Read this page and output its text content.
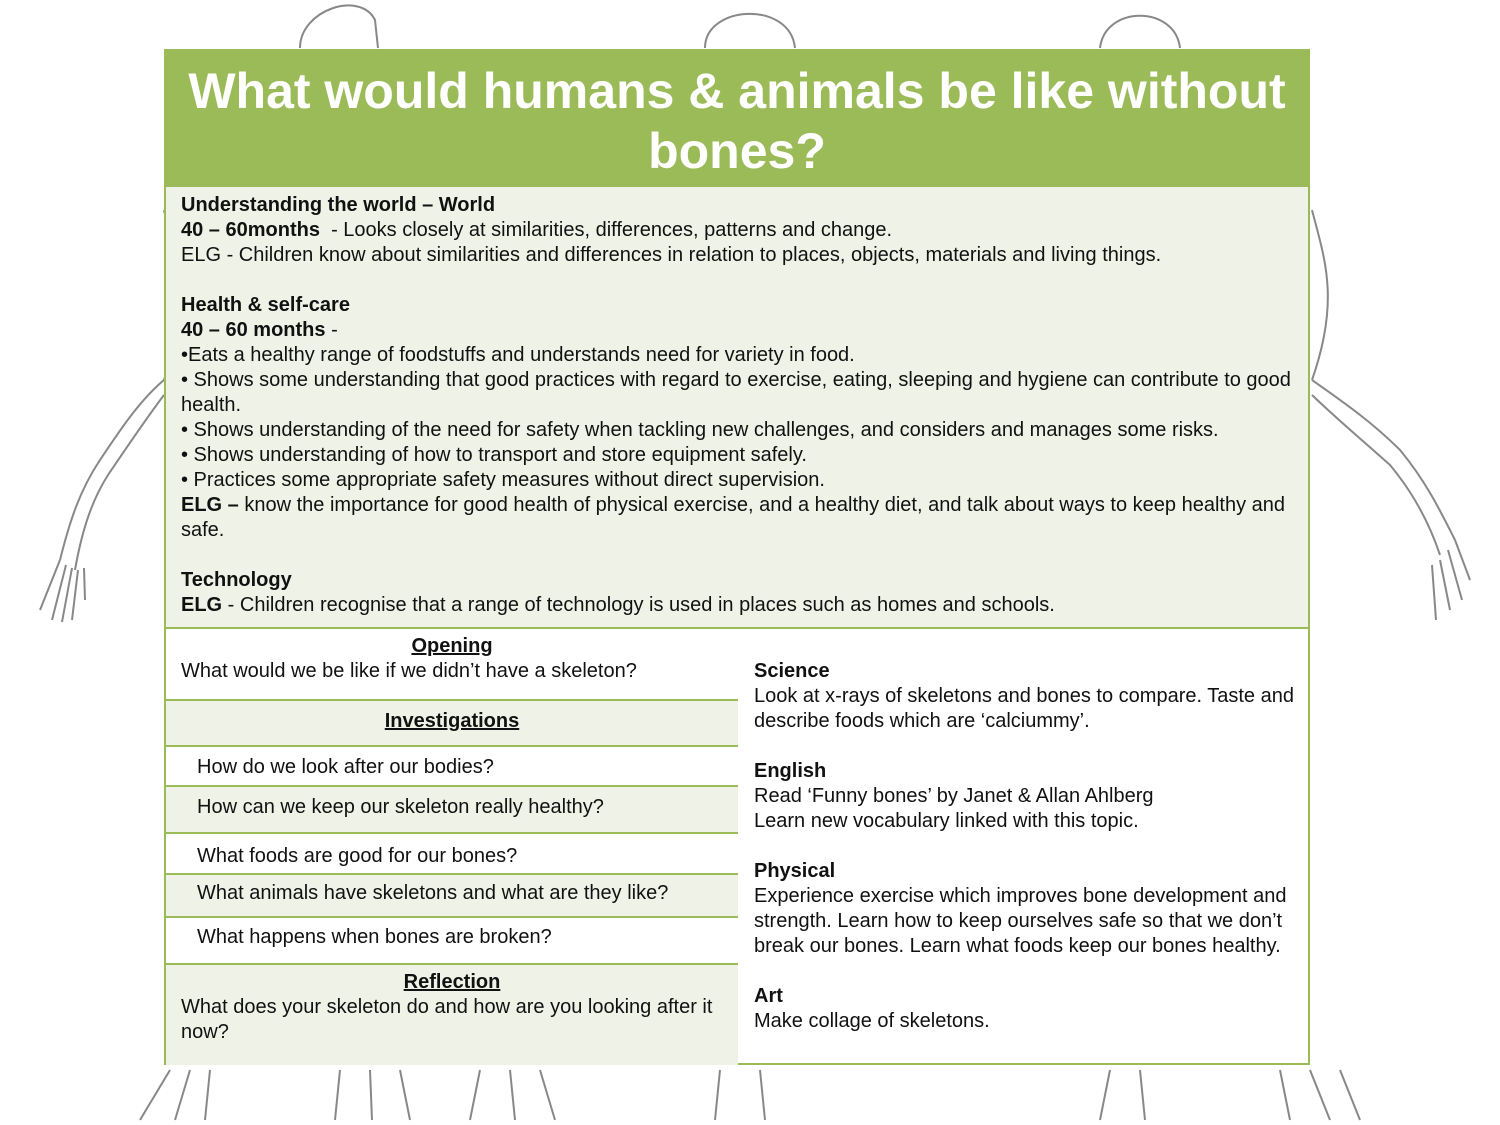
What would humans & animals be like without bones?

Understanding the world – World

40 – 60months  - Looks closely at similarities, differences, patterns and change.

ELG - Children know about similarities and differences in relation to places, objects, materials and living things.

Health & self-care

40 – 60 months -

•Eats a healthy range of foodstuffs and understands need for variety in food.

• Shows some understanding that good practices with regard to exercise, eating, sleeping and hygiene can contribute to good health.

• Shows understanding of the need for safety when tackling new challenges, and considers and manages some risks.

• Shows understanding of how to transport and store equipment safely.

• Practices some appropriate safety measures without direct supervision.

ELG – know the importance for good health of physical exercise, and a healthy diet, and talk about ways to keep healthy and safe.

Technology

ELG - Children recognise that a range of technology is used in places such as homes and schools.

Opening
What would we be like if we didn’t have a skeleton?
Investigations
How do we look after our bodies?
How can we keep our skeleton really healthy?
What foods are good for our bones?
What animals have skeletons and what are they like?
What happens when bones are broken?
Reflection
What does your skeleton do and how are you looking after it now?

Science

Look at x-rays of skeletons and bones to compare. Taste and describe foods which are ‘calciummy’.

English

Read ‘Funny bones’ by Janet & Allan Ahlberg

Learn new vocabulary linked with this topic.

Physical

Experience exercise which improves bone development and strength. Learn how to keep ourselves safe so that we don’t break our bones. Learn what foods keep our bones healthy.

Art

Make collage of skeletons.
